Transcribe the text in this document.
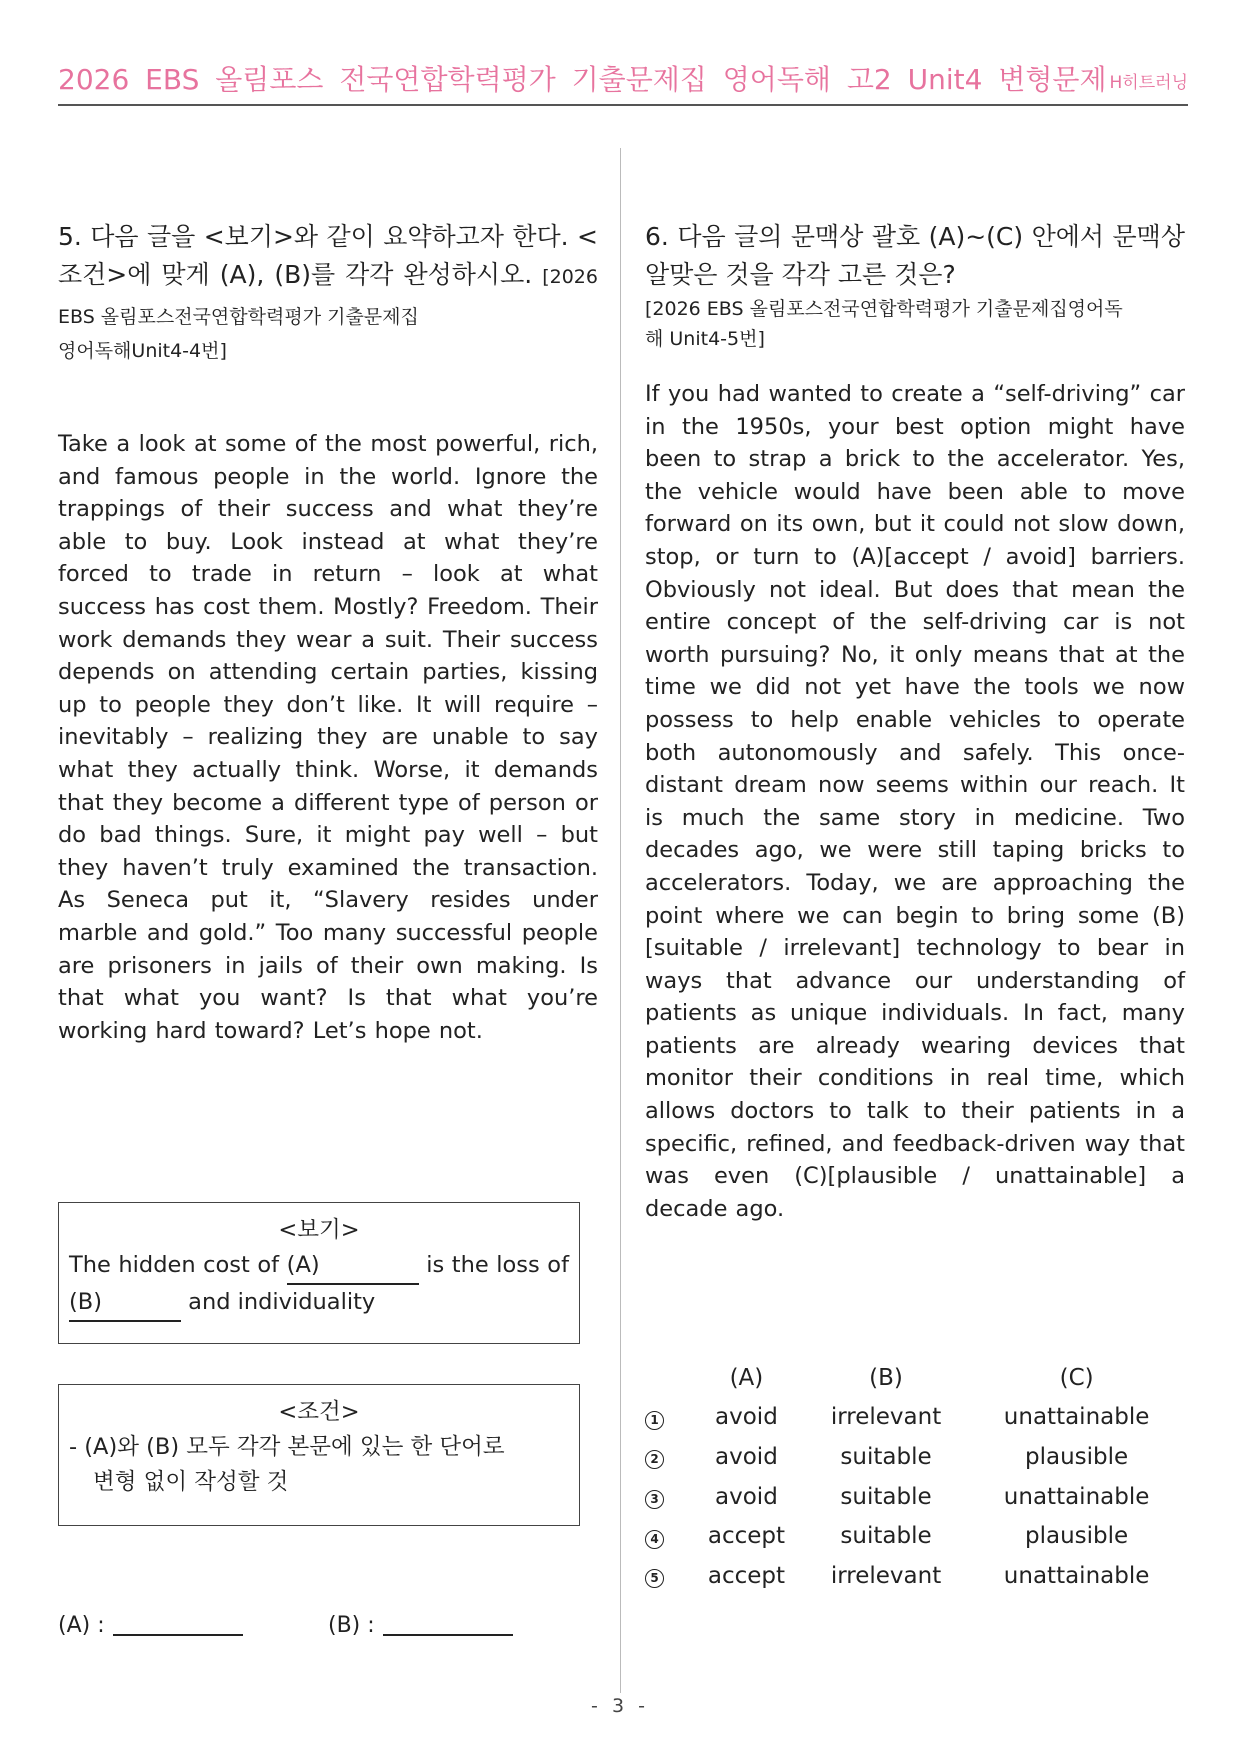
2026 EBS 올림포스 전국연합학력평가 기출문제집 영어독해 고2 Unit4 변형문제 H히트러닝
5. 다음 글을 <보기>와 같이 요약하고자 한다. <조건>에 맞게 (A), (B)를 각각 완성하시오. [2026 EBS 올림포스전국연합학력평가 기출문제집
영어독해Unit4-4번]
Take a look at some of the most powerful, rich, and famous people in the world. Ignore the trappings of their success and what they’re able to buy. Look instead at what they’re forced to trade in return – look at what success has cost them. Mostly? Freedom. Their work demands they wear a suit. Their success depends on attending certain parties, kissing up to people they don’t like. It will require – inevitably – realizing they are unable to say what they actually think. Worse, it demands that they become a different type of person or do bad things. Sure, it might pay well – but they haven’t truly examined the transaction. As Seneca put it, “Slavery resides under marble and gold.” Too many successful people are prisoners in jails of their own making. Is that what you want? Is that what you’re working hard toward? Let’s hope not.
<보기>
The hidden cost of (A)	is the loss of (B)	and individuality
<조건>
- (A)와 (B) 모두 각각 본문에 있는 한 단어로
변형 없이 작성할 것
(A) :	(B) :
6. 다음 글의 문맥상 괄호 (A)~(C) 안에서 문맥상 알맞은 것을 각각 고른 것은?
[2026 EBS 올림포스전국연합학력평가 기출문제집영어독
해 Unit4-5번]
If you had wanted to create a “self-driving” car in the 1950s, your best option might have been to strap a brick to the accelerator. Yes, the vehicle would have been able to move forward on its own, but it could not slow down, stop, or turn to (A)[accept / avoid] barriers. Obviously not ideal. But does that mean the entire concept of the self-driving car is not worth pursuing? No, it only means that at the time we did not yet have the tools we now possess to help enable vehicles to operate both autonomously and safely. This once-distant dream now seems within our reach. It is much the same story in medicine. Two decades ago, we were still taping bricks to accelerators. Today, we are approaching the point where we can begin to bring some (B)[suitable / irrelevant] technology to bear in ways that advance our understanding of patients as unique individuals. In fact, many patients are already wearing devices that monitor their conditions in real time, which allows doctors to talk to their patients in a specific, refined, and feedback-driven way that was even (C)[plausible / unattainable] a decade ago.
	(A)	(B)	(C)
1	avoid	irrelevant	unattainable
2	avoid	suitable	plausible
3	avoid	suitable	unattainable
4	accept	suitable	plausible
5	accept	irrelevant	unattainable
- 3 -
